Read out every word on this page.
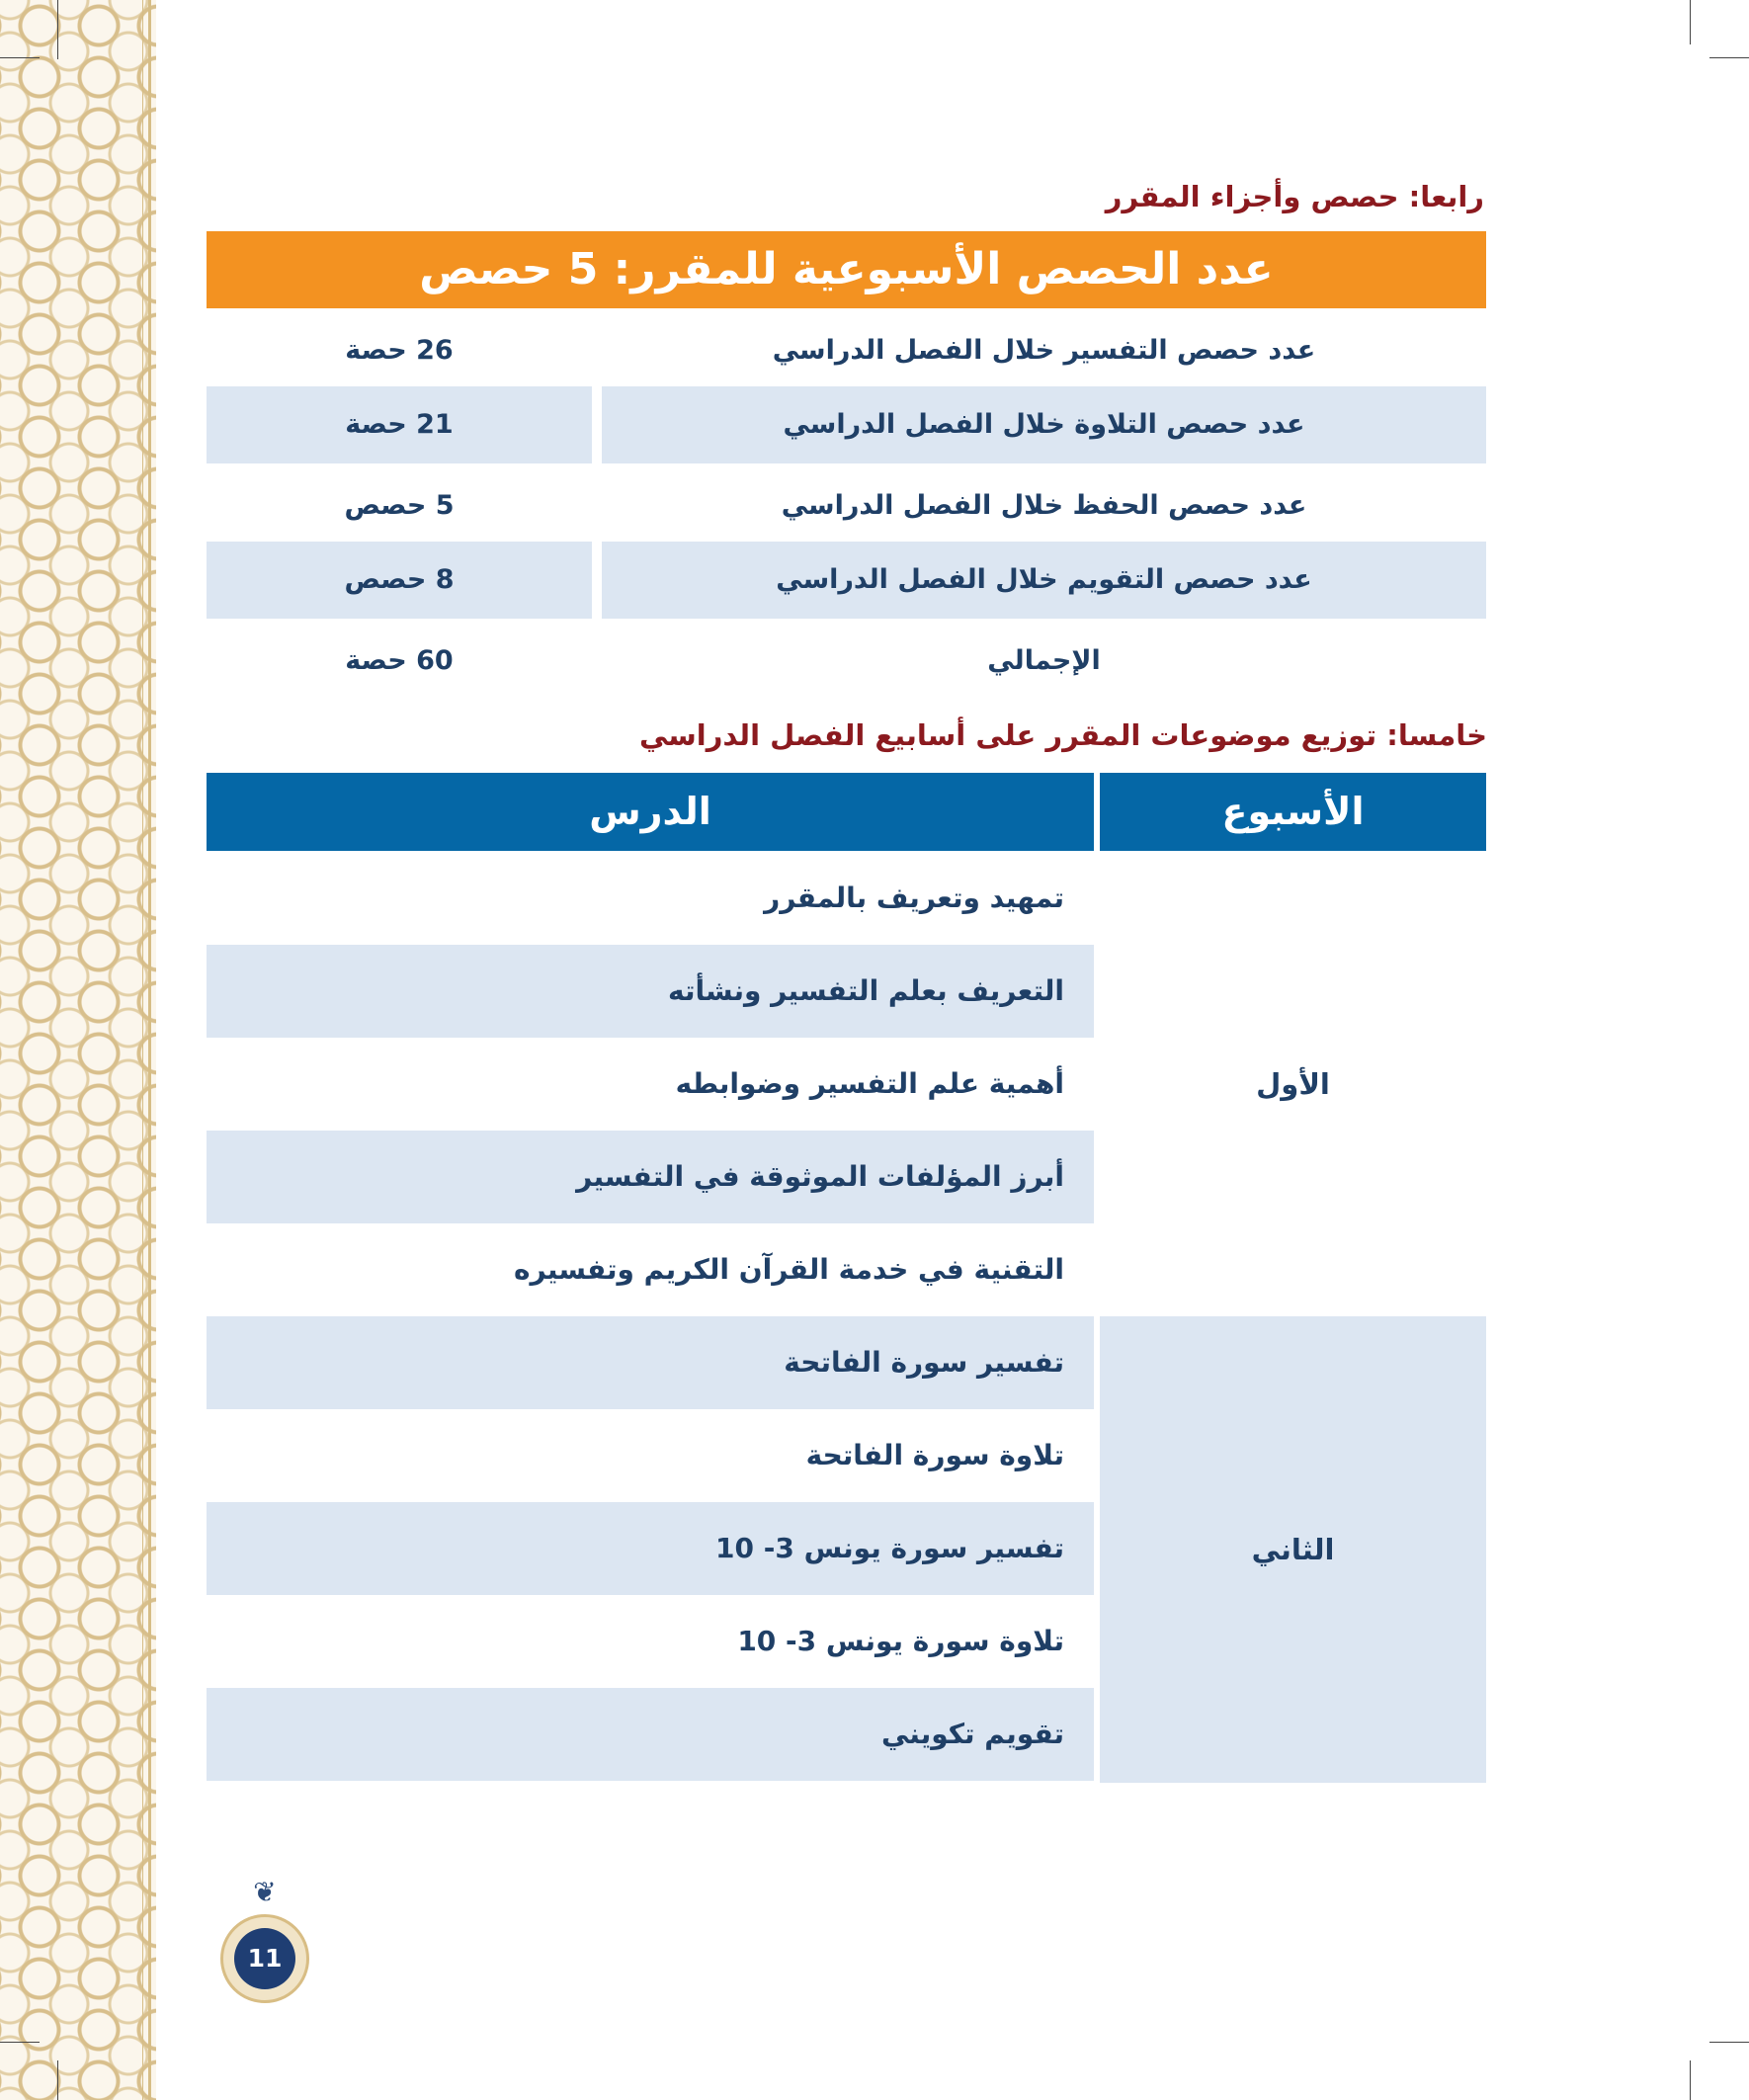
رابعا: حصص وأجزاء المقرر
عدد الحصص الأسبوعية للمقرر: 5 حصص
عدد حصص التفسير خلال الفصل الدراسي
26 حصة
عدد حصص التلاوة خلال الفصل الدراسي
21 حصة
عدد حصص الحفظ خلال الفصل الدراسي
5 حصص
عدد حصص التقويم خلال الفصل الدراسي
8 حصص
الإجمالي
60 حصة
خامسا: توزيع موضوعات المقرر على أسابيع الفصل الدراسي
الأسبوع
الدرس
الأول
تمهيد وتعريف بالمقرر
التعريف بعلم التفسير ونشأته
أهمية علم التفسير وضوابطه
أبرز المؤلفات الموثوقة في التفسير
التقنية في خدمة القرآن الكريم وتفسيره
الثاني
تفسير سورة الفاتحة
تلاوة سورة الفاتحة
تفسير سورة يونس 3- 10
تلاوة سورة يونس 3- 10
تقويم تكويني
❦
11
